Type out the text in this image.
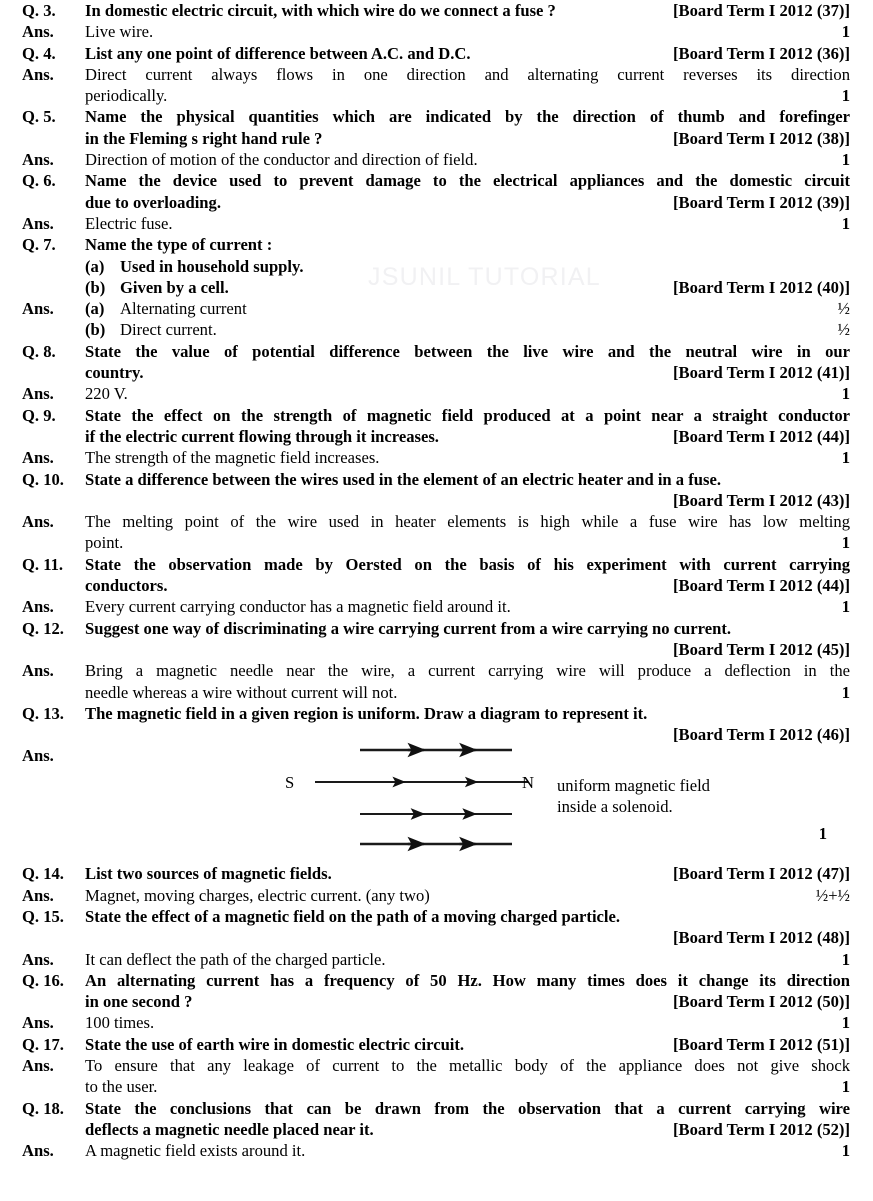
JSUNIL TUTORIAL
Q. 3.	In domestic electric circuit, with which wire do we connect a fuse ?	[Board Term I 2012 (37)]
Ans.	Live wire.	1
Q. 4.	List any one point of difference between A.C. and D.C.	[Board Term I 2012 (36)]
Ans.	Direct current always flows in one direction and alternating current reverses its direction
periodically.	1
Q. 5.	Name the physical quantities which are indicated by the direction of thumb and forefinger
in the Fleming s right hand rule ?	[Board Term I 2012 (38)]
Ans.	Direction of motion of the conductor and direction of field.	1
Q. 6.	Name the device used to prevent damage to the electrical appliances and the domestic circuit
due to overloading.	[Board Term I 2012 (39)]
Ans.	Electric fuse.	1
Q. 7.	Name the type of current :
(a) Used in household supply.
(b) Given by a cell.	[Board Term I 2012 (40)]
Ans.	(a) Alternating current	½
(b) Direct current.	½
Q. 8.	State the value of potential difference between the live wire and the neutral wire in our
country.	[Board Term I 2012 (41)]
Ans.	220 V.	1
Q. 9.	State the effect on the strength of magnetic field produced at a point near a straight conductor
if the electric current flowing through it increases.	[Board Term I 2012 (44)]
Ans.	The strength of the magnetic field increases.	1
Q. 10.	State a difference between the wires used in the element of an electric heater and in a fuse.
[Board Term I 2012 (43)]
Ans.	The melting point of the wire used in heater elements is high while a fuse wire has low melting
point.	1
Q. 11.	State the observation made by Oersted on the basis of his experiment with current carrying
conductors.	[Board Term I 2012 (44)]
Ans.	Every current carrying conductor has a magnetic field around it.	1
Q. 12.	Suggest one way of discriminating a wire carrying current from a wire carrying no current.
[Board Term I 2012 (45)]
Ans.	Bring a magnetic needle near the wire, a current carrying wire will produce a deflection in the
needle whereas a wire without current will not.	1
Q. 13.	The magnetic field in a given region is uniform. Draw a diagram to represent it.
[Board Term I 2012 (46)]
Ans.
S	N uniform magnetic field
inside a solenoid.
1
Q. 14.	List two sources of magnetic fields.	[Board Term I 2012 (47)]
Ans.	Magnet, moving charges, electric current. (any two)	½+½
Q. 15.	State the effect of a magnetic field on the path of a moving charged particle.
[Board Term I 2012 (48)]
Ans.	It can deflect the path of the charged particle.	1
Q. 16.	An alternating current has a frequency of 50 Hz. How many times does it change its direction
in one second ?	[Board Term I 2012 (50)]
Ans.	100 times.	1
Q. 17.	State the use of earth wire in domestic electric circuit.	[Board Term I 2012 (51)]
Ans.	To ensure that any leakage of current to the metallic body of the appliance does not give shock
to the user.	1
Q. 18.	State the conclusions that can be drawn from the observation that a current carrying wire
deflects a magnetic needle placed near it.	[Board Term I 2012 (52)]
Ans.	A magnetic field exists around it.	1
